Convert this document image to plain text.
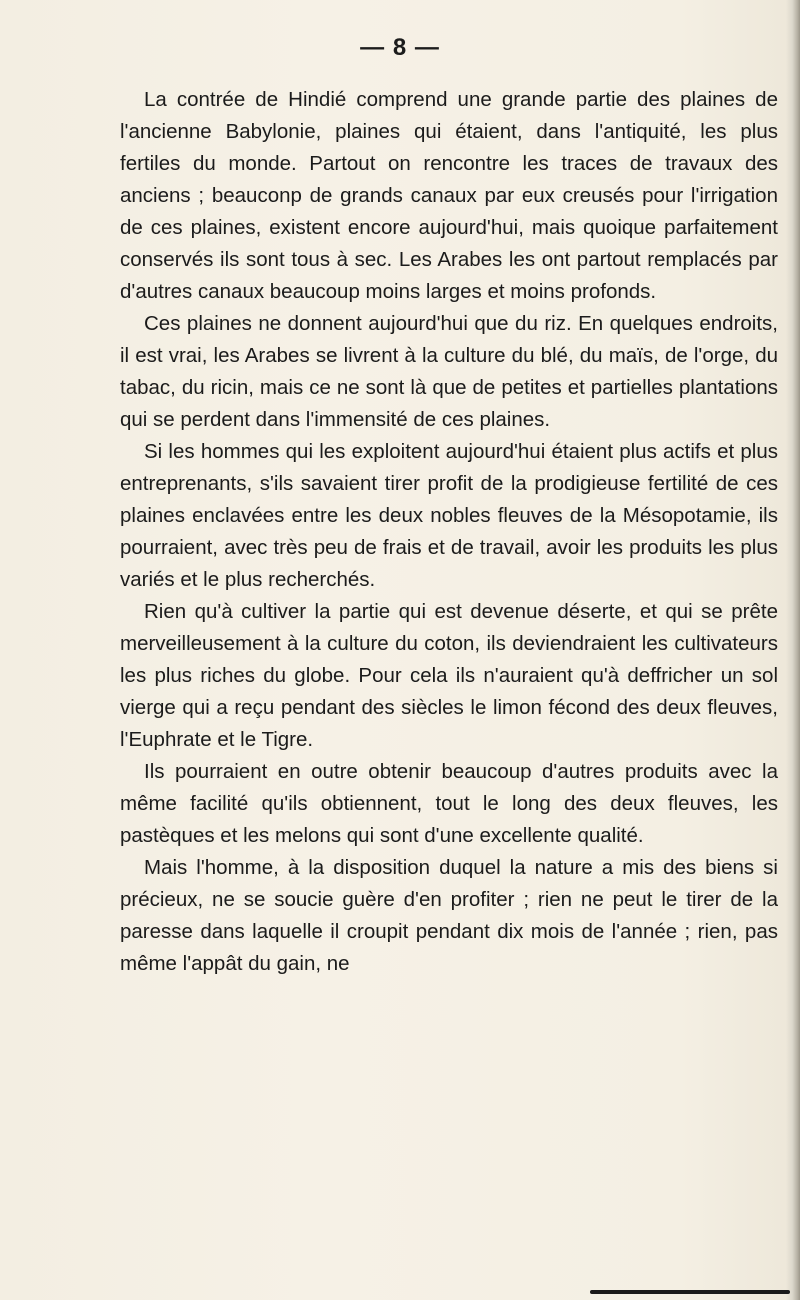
— 8 —

La contrée de Hindié comprend une grande partie des plaines de l'ancienne Babylonie, plaines qui étaient, dans l'antiquité, les plus fertiles du monde. Partout on rencontre les traces de travaux des anciens ; beauconp de grands canaux par eux creusés pour l'irrigation de ces plaines, existent encore aujourd'hui, mais quoique parfaitement conservés ils sont tous à sec. Les Arabes les ont partout remplacés par d'autres canaux beaucoup moins larges et moins profonds.

Ces plaines ne donnent aujourd'hui que du riz. En quelques endroits, il est vrai, les Arabes se livrent à la culture du blé, du maïs, de l'orge, du tabac, du ricin, mais ce ne sont là que de petites et partielles plantations qui se perdent dans l'immensité de ces plaines.

Si les hommes qui les exploitent aujourd'hui étaient plus actifs et plus entreprenants, s'ils savaient tirer profit de la prodigieuse fertilité de ces plaines enclavées entre les deux nobles fleuves de la Mésopotamie, ils pourraient, avec très peu de frais et de travail, avoir les produits les plus variés et le plus recherchés.

Rien qu'à cultiver la partie qui est devenue déserte, et qui se prête merveilleusement à la culture du coton, ils deviendraient les cultivateurs les plus riches du globe. Pour cela ils n'auraient qu'à deffricher un sol vierge qui a reçu pendant des siècles le limon fécond des deux fleuves, l'Euphrate et le Tigre.

Ils pourraient en outre obtenir beaucoup d'autres produits avec la même facilité qu'ils obtiennent, tout le long des deux fleuves, les pastèques et les melons qui sont d'une excellente qualité.

Mais l'homme, à la disposition duquel la nature a mis des biens si précieux, ne se soucie guère d'en profiter ; rien ne peut le tirer de la paresse dans laquelle il croupit pendant dix mois de l'année ; rien, pas même l'appât du gain, ne
